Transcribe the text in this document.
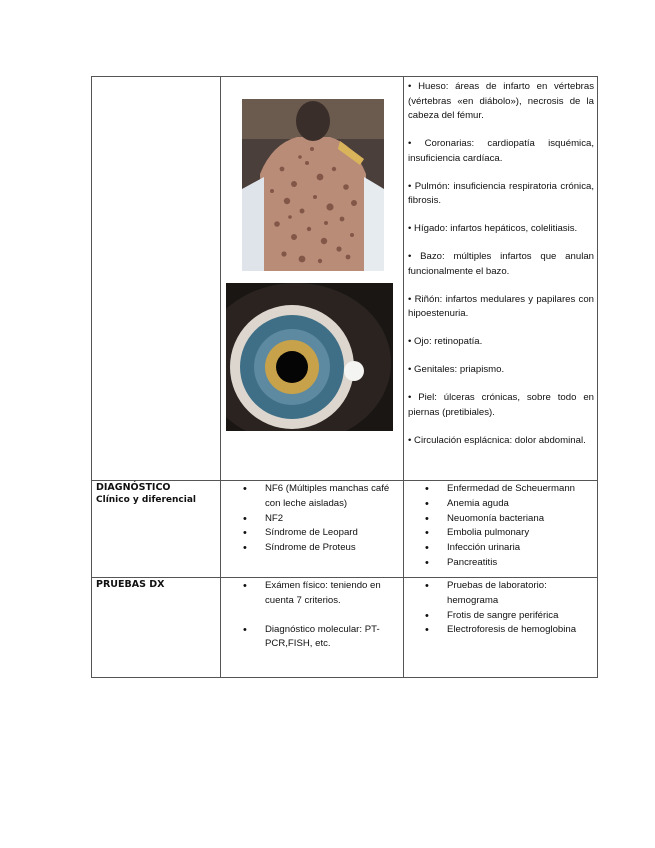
• Hueso: áreas de infarto en vértebras (vértebras «en diábolo»), necrosis de la cabeza del fémur.

• Coronarias: cardiopatía isquémica, insuficiencia cardíaca.

• Pulmón: insuficiencia respiratoria crónica, fibrosis.

• Hígado: infartos hepáticos, colelitiasis.

• Bazo: múltiples infartos que anulan funcionalmente el bazo.

• Riñón: infartos medulares y papilares con hipoestenuria.

• Ojo: retinopatía.

• Genitales: priapismo.

• Piel: úlceras crónicas, sobre todo en piernas (pretibiales).

• Circulación esplácnica: dolor abdominal.

DIAGNÓSTICO
Clínico y diferencial
• NF6 (Múltiples manchas café con leche aisladas)
• NF2
• Síndrome de Leopard
• Síndrome de Proteus
• Enfermedad de Scheuermann
• Anemia aguda
• Neuomonía bacteriana
• Embolia pulmonary
• Infección urinaria
• Pancreatitis
PRUEBAS DX
•	Exámen físico: teniendo en cuenta 7 criterios.
• Diagnóstico molecular: PT-PCR,FISH, etc.
• Pruebas de laboratorio: hemograma
• Frotis de sangre periférica
• Electroforesis de hemoglobina
